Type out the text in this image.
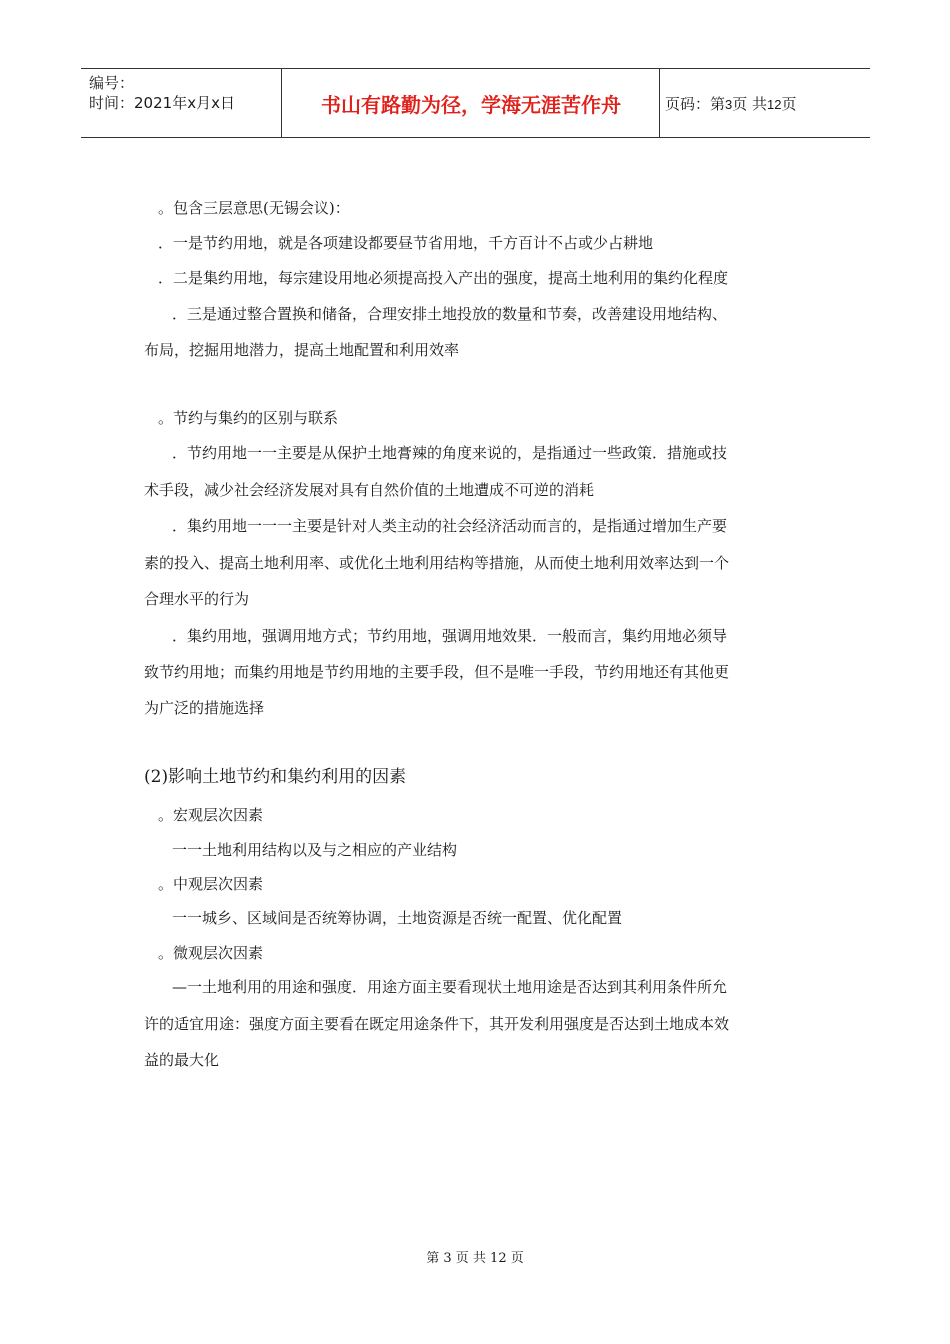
编号：
时间：2021年x月x日	书山有路勤为径，学海无涯苦作舟	页码：第3页 共12页
。包含三层意思(无锡会议)：
．一是节约用地，就是各项建设都要昼节省用地，千方百计不占或少占耕地
．二是集约用地，每宗建设用地必须提高投入产出的强度，提高土地利用的集约化程度
．三是通过整合置换和储备，合理安排土地投放的数量和节奏，改善建设用地结构、
布局，挖掘用地潜力，提高土地配置和利用效率
。节约与集约的区别与联系
．节约用地一一主要是从保护土地膏辣的角度来说的，是指通过一些政策．措施或技
术手段，减少社会经济发展对具有自然价值的土地遭成不可逆的消耗
．集约用地一一一主要是针对人类主动的社会经济活动而言的，是指通过增加生产要
素的投入、提高土地利用率、或优化土地利用结构等措施，从而使土地利用效率达到一个
合理水平的行为
．集约用地，强调用地方式；节约用地，强调用地效果．一般而言，集约用地必须导
致节约用地；而集约用地是节约用地的主要手段，但不是唯一手段，节约用地还有其他更
为广泛的措施选择
(2)影响土地节约和集约利用的因素
。宏观层次因素
一一土地利用结构以及与之相应的产业结构
。中观层次因素
一一城乡、区域间是否统筹协调，土地资源是否统一配置、优化配置
。微观层次因素
—一土地利用的用途和强度．用途方面主要看现状土地用途是否达到其利用条件所允
许的适宜用途：强度方面主要看在既定用途条件下，其开发利用强度是否达到土地成本效
益的最大化
第 3 页 共 12 页
